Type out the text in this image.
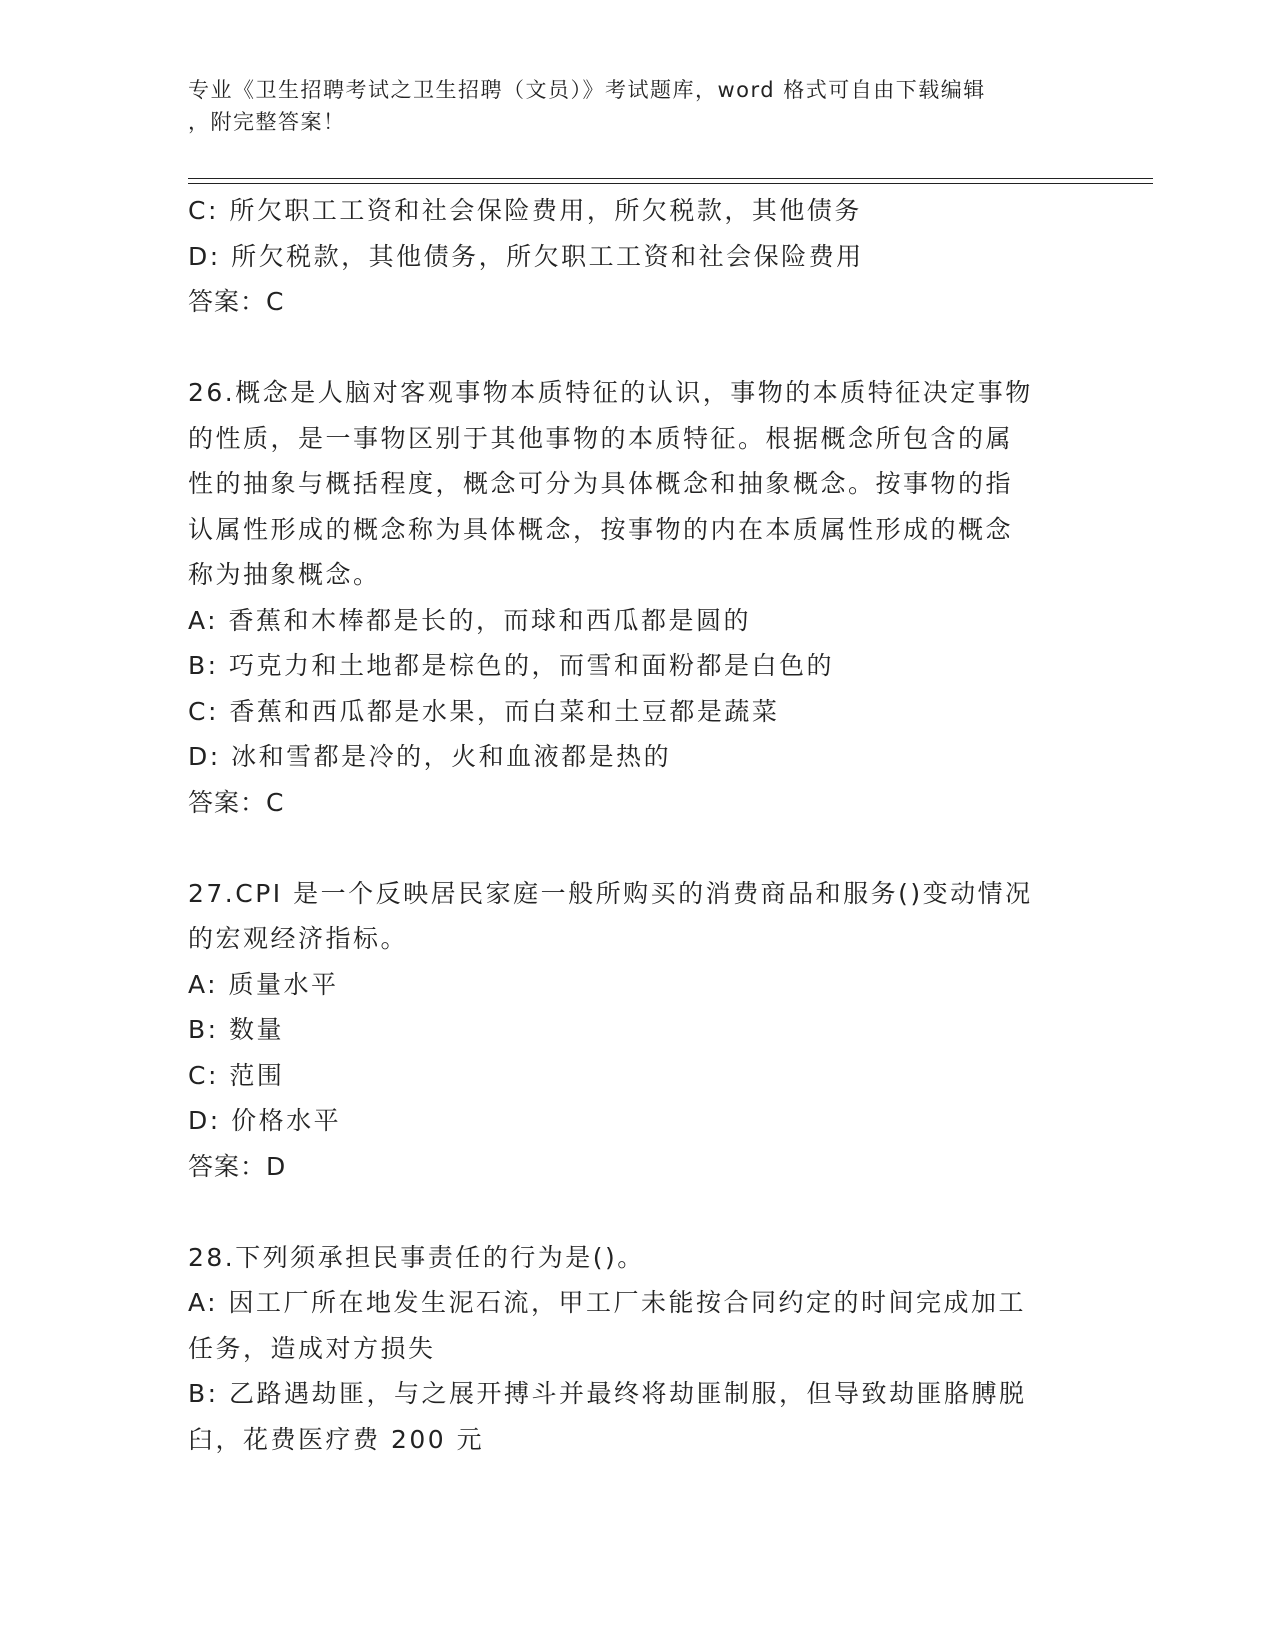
专业《卫生招聘考试之卫生招聘（文员）》考试题库，word 格式可自由下载编辑
，附完整答案！
C: 所欠职工工资和社会保险费用，所欠税款，其他债务
D: 所欠税款，其他债务，所欠职工工资和社会保险费用
答案：C
26.概念是人脑对客观事物本质特征的认识，事物的本质特征决定事物
的性质，是一事物区别于其他事物的本质特征。根据概念所包含的属
性的抽象与概括程度，概念可分为具体概念和抽象概念。按事物的指
认属性形成的概念称为具体概念，按事物的内在本质属性形成的概念
称为抽象概念。
A: 香蕉和木棒都是长的，而球和西瓜都是圆的
B: 巧克力和土地都是棕色的，而雪和面粉都是白色的
C: 香蕉和西瓜都是水果，而白菜和土豆都是蔬菜
D: 冰和雪都是冷的，火和血液都是热的
答案：C
27.CPI 是一个反映居民家庭一般所购买的消费商品和服务()变动情况
的宏观经济指标。
A: 质量水平
B: 数量
C: 范围
D: 价格水平
答案：D
28.下列须承担民事责任的行为是()。
A: 因工厂所在地发生泥石流，甲工厂未能按合同约定的时间完成加工
任务，造成对方损失
B: 乙路遇劫匪，与之展开搏斗并最终将劫匪制服，但导致劫匪胳膊脱
臼，花费医疗费 200 元
